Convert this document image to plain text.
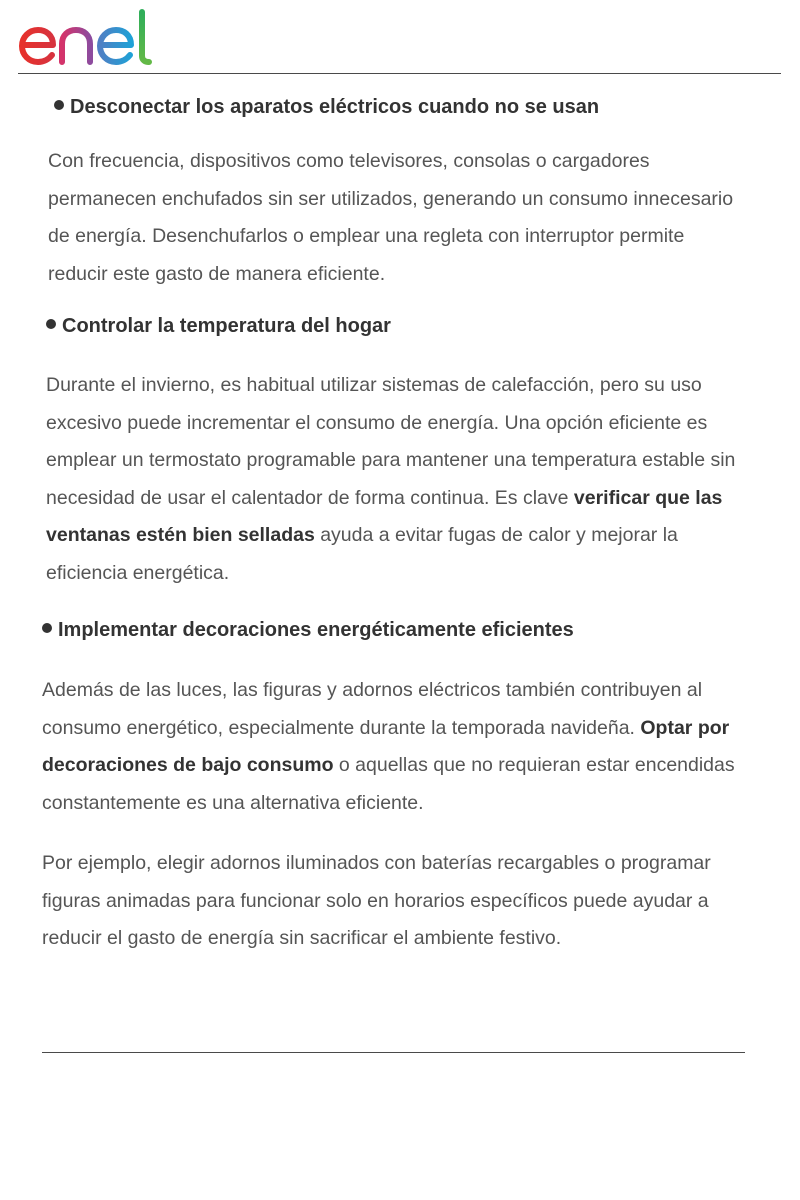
Desconectar los aparatos eléctricos cuando no se usan

Con frecuencia, dispositivos como televisores, consolas o cargadores permanecen enchufados sin ser utilizados, generando un consumo innecesario de energía. Desenchufarlos o emplear una regleta con interruptor permite reducir este gasto de manera eficiente.

Controlar la temperatura del hogar

Durante el invierno, es habitual utilizar sistemas de calefacción, pero su uso excesivo puede incrementar el consumo de energía. Una opción eficiente es emplear un termostato programable para mantener una temperatura estable sin necesidad de usar el calentador de forma continua. Es clave verificar que las ventanas estén bien selladas ayuda a evitar fugas de calor y mejorar la eficiencia energética.

Implementar decoraciones energéticamente eficientes

Además de las luces, las figuras y adornos eléctricos también contribuyen al consumo energético, especialmente durante la temporada navideña. Optar por decoraciones de bajo consumo o aquellas que no requieran estar encendidas constantemente es una alternativa eficiente.

Por ejemplo, elegir adornos iluminados con baterías recargables o programar figuras animadas para funcionar solo en horarios específicos puede ayudar a reducir el gasto de energía sin sacrificar el ambiente festivo.
